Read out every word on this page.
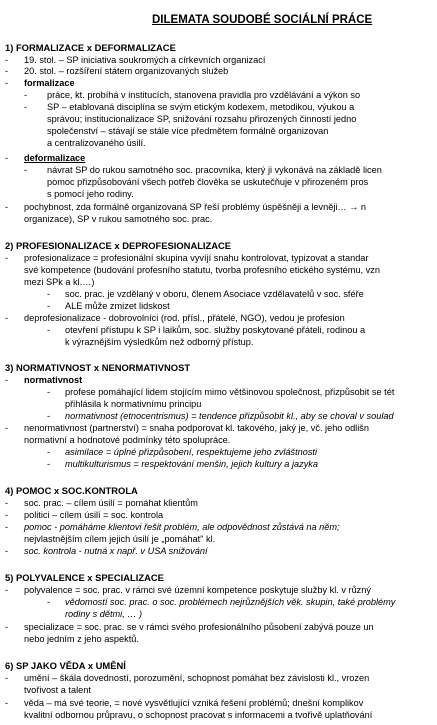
DILEMATA SOUDOBÉ SOCIÁLNÍ PRÁCE
1) FORMALIZACE x DEFORMALIZACE
- 19. stol. – SP iniciativa soukromých a církevních organizací
- 20. stol. – rozšíření státem organizovaných služeb
- formalizace
- práce, kt. probíhá v institucích, stanovena pravidla pro vzdělávání a výkon so
- SP – etablovaná disciplína se svým etickým kodexem, metodikou, výukou a
správou; institucionalizace SP, snižování rozsahu přirozených činností jedno
společenství – stávají se stále více předmětem formálně organizovan
a centralizovaného úsilí.
- deformalizace
- návrat SP do rukou samotného soc. pracovníka, který ji vykonává na základě licen
pomoc přizpůsobování všech potřeb člověka se uskutečňuje v přirozeném pros
s pomocí jeho rodiny.
- pochybnost, zda formálně organizovaná SP řeší problémy úspěšněji a levněji… → n
organizace), SP v rukou samotného soc. prac.
2) PROFESIONALIZACE x DEPROFESIONALIZACE
- profesionalizace = profesionální skupina vyvíjí snahu kontrolovat, typizovat a standar
své kompetence (budování profesního statutu, tvorba profesního etického systému, vzn
mezi SPk a kl.…)
- soc. prac. je vzdělaný v oboru, členem Asociace vzdělavatelů v soc. sféře
- ALE může zmizet lidskost
- deprofesionalizace - dobrovolníci (rod. přísl., přátelé, NGO), vedou je profesion
- otevření přístupu k SP i laikům, soc. služby poskytované přáteli, rodinou a
k výraznějším výsledkům než odborný přístup.
3) NORMATIVNOST x NENORMATIVNOST
- normativnost
- profese pomáhající lidem stojícím mimo většinovou společnost, přizpůsobit se tét
přihlásila k normativnímu principu
- normativnost (etnocentrismus) = tendence přizpůsobit kl., aby se choval v soulad
- nenormativnost (partnerství) = snaha podporovat kl. takového, jaký je, vč. jeho odlišn
normativní a hodnotové podmínky této spolupráce.
- asimilace = úplné přizpůsobení, respektujeme jeho zvláštnosti
- multikulturismus = respektování menšin, jejich kultury a jazyka
4) POMOC x SOC.KONTROLA
- soc. prac. – cílem úsilí = pomáhat klientům
- politici – cílem úsilí = soc. kontrola
- pomoc - pomáháme klientovi řešit problém, ale odpovědnost zůstává na něm;
nejvlastnějším cílem jejich úsilí je „pomáhat" kl.
- soc. kontrola - nutná x např. v USA snižování
5) POLYVALENCE x SPECIALIZACE
- polyvalence = soc. prac. v rámci své územní kompetence poskytuje služby kl. v různý
- vědomostí soc. prac. o soc. problémech nejrůznějších věk. skupin, také problémy
rodiny s dětmi, … )
- specializace = soc. prac. se v rámci svého profesionálního působení zabývá pouze un
nebo jedním z jeho aspektů.
6) SP JAKO VĚDA x UMĚNÍ
- umění – škála dovedností, porozumění, schopnost pomáhat bez závislosti kl., vrozen
tvořivost a talent
- věda – má své teorie, = nové vysvětlující vzniká řešení problémů; dnešní komplikov
kvalitní odbornou průpravu, o schopnost pracovat s informacemi a tvořivě uplatňování
